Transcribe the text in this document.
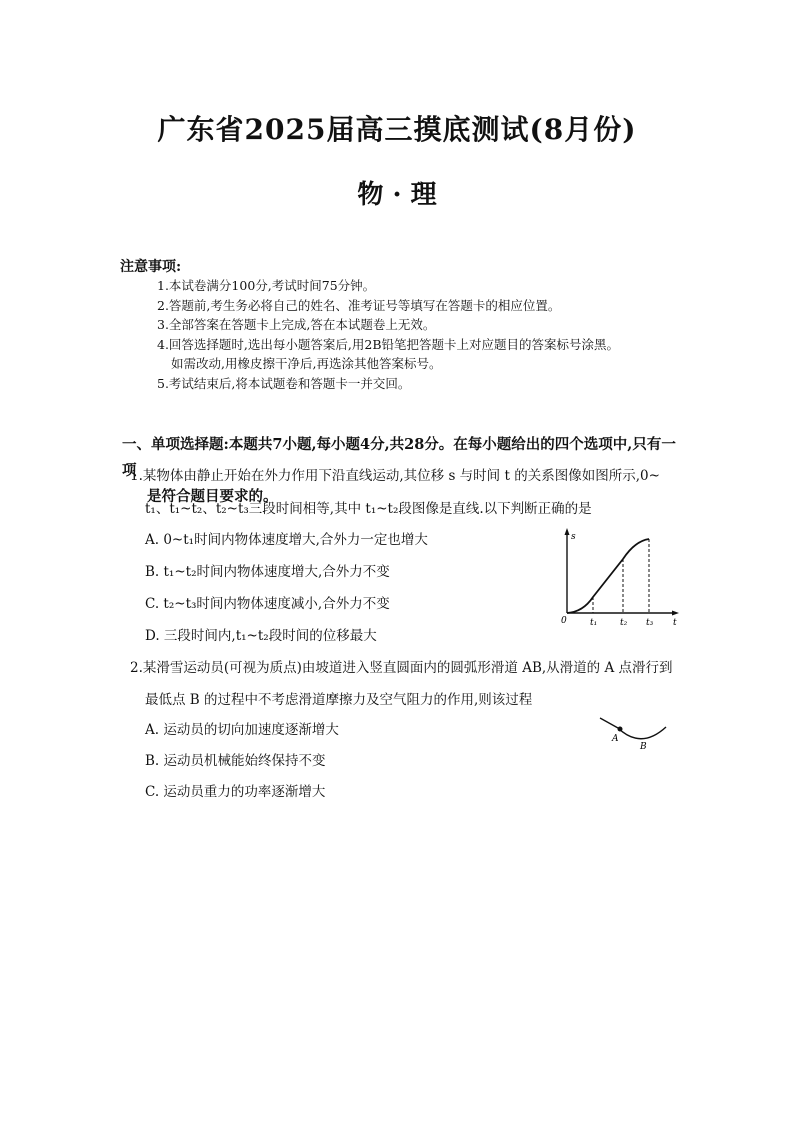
广东省2025届高三摸底测试(8月份)
物 · 理
注意事项:
1.本试卷满分100分,考试时间75分钟。
2.答题前,考生务必将自己的姓名、准考证号等填写在答题卡的相应位置。
3.全部答案在答题卡上完成,答在本试题卷上无效。
4.回答选择题时,选出每小题答案后,用2B铅笔把答题卡上对应题目的答案标号涂黑。
如需改动,用橡皮擦干净后,再选涂其他答案标号。
5.考试结束后,将本试题卷和答题卡一并交回。
一、单项选择题:本题共7小题,每小题4分,共28分。在每小题给出的四个选项中,只有一项
是符合题目要求的。
1.某物体由静止开始在外力作用下沿直线运动,其位移 s 与时间 t 的关系图像如图所示,0~
t₁、t₁~t₂、t₂~t₃三段时间相等,其中 t₁~t₂段图像是直线.以下判断正确的是
A. 0~t₁时间内物体速度增大,合外力一定也增大
B. t₁~t₂时间内物体速度增大,合外力不变
C. t₂~t₃时间内物体速度减小,合外力不变
D. 三段时间内,t₁~t₂段时间的位移最大
s
0	t₁	t₂ t₃ t
2.某滑雪运动员(可视为质点)由坡道进入竖直圆面内的圆弧形滑道 AB,从滑道的 A 点滑行到
最低点 B 的过程中不考虑滑道摩擦力及空气阻力的作用,则该过程
A. 运动员的切向加速度逐渐增大
B. 运动员机械能始终保持不变
C. 运动员重力的功率逐渐增大
A
B
